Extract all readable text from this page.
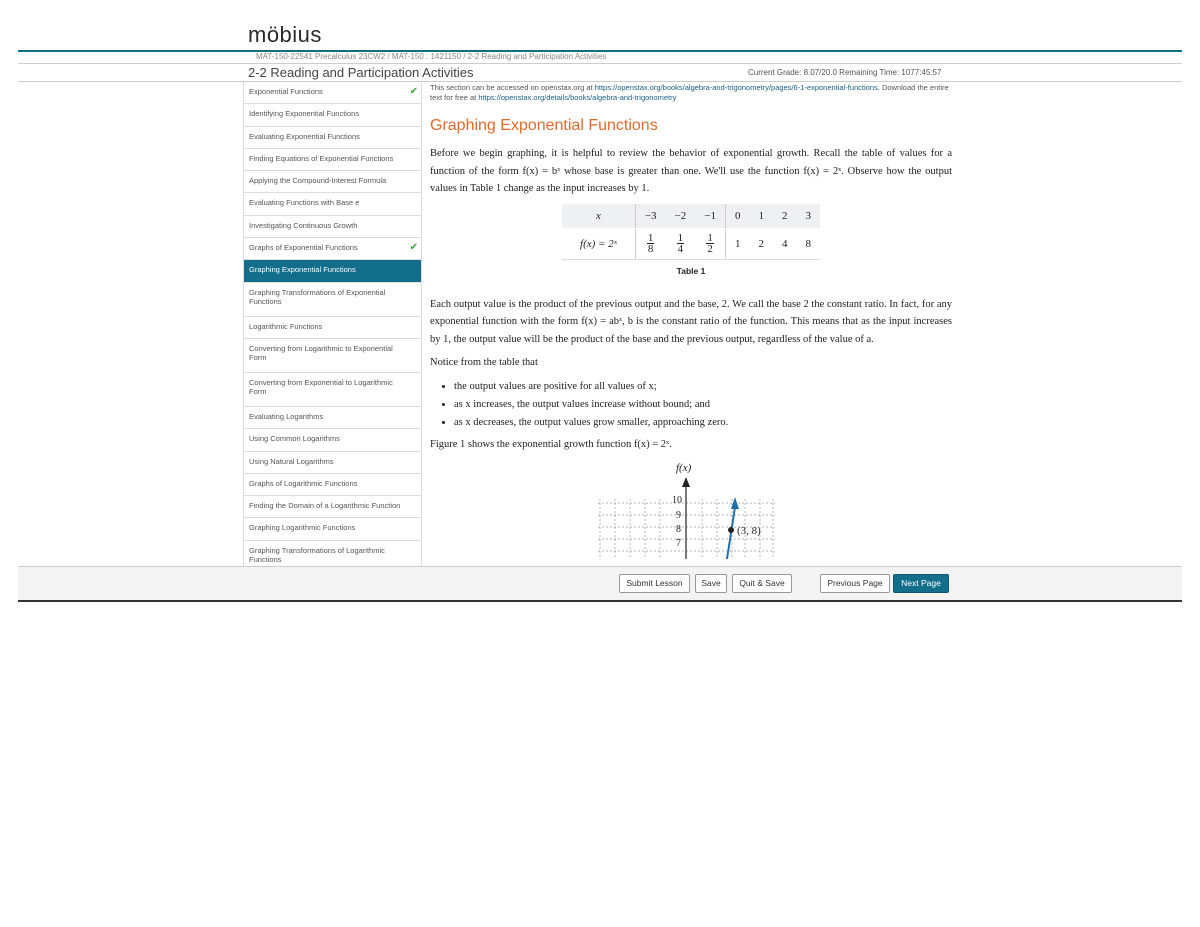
möbius
MAT-150-22541 Precalculus 23CW2 / MAT-150 : 1421150 / 2-2 Reading and Participation Activities
2-2 Reading and Participation Activities	Current Grade: 8.07/20.0 Remaining Time: 1077:45:57
Exponential Functions	✔
Identifying Exponential Functions
Evaluating Exponential Functions
Finding Equations of Exponential Functions
Applying the Compound-Interest Formula
Evaluating Functions with Base e
Investigating Continuous Growth
Graphs of Exponential Functions	✔
Graphing Exponential Functions
Graphing Transformations of Exponential Functions
Logarithmic Functions
Converting from Logarithmic to Exponential Form
Converting from Exponential to Logarithmic Form
Evaluating Logarithms
Using Common Logarithms
Using Natural Logarithms
Graphs of Logarithmic Functions
Finding the Domain of a Logarithmic Function
Graphing Logarithmic Functions
Graphing Transformations of Logarithmic Functions
This section can be accessed on openstax.org at https://openstax.org/books/algebra-and-trigonometry/pages/6-1-exponential-functions. Download the entire text for free at https://openstax.org/details/books/algebra-and-trigonometry
Graphing Exponential Functions

Before we begin graphing, it is helpful to review the behavior of exponential growth. Recall the table of values for a function of the form f(x) = bˣ whose base is greater than one. We'll use the function f(x) = 2ˣ. Observe how the output values in Table 1 change as the input increases by 1.

x	−3	−2	−1	0	1	2	3
f(x) = 2ˣ	$\frac{1}{8}$	$\frac{1}{4}$	$\frac{1}{2}$	1	2	4	8
Table 1

Each output value is the product of the previous output and the base, 2. We call the base 2 the constant ratio. In fact, for any exponential function with the form f(x) = abˣ, b is the constant ratio of the function. This means that as the input increases by 1, the output value will be the product of the base and the previous output, regardless of the value of a.

Notice from the table that

• the output values are positive for all values of x;
• as x increases, the output values increase without bound; and
• as x decreases, the output values grow smaller, approaching zero.

Figure 1 shows the exponential growth function f(x) = 2ˣ.

f(x)
10
9
8
7
(3, 8)
Submit Lesson	Save	Quit & Save	Previous Page	Next Page
